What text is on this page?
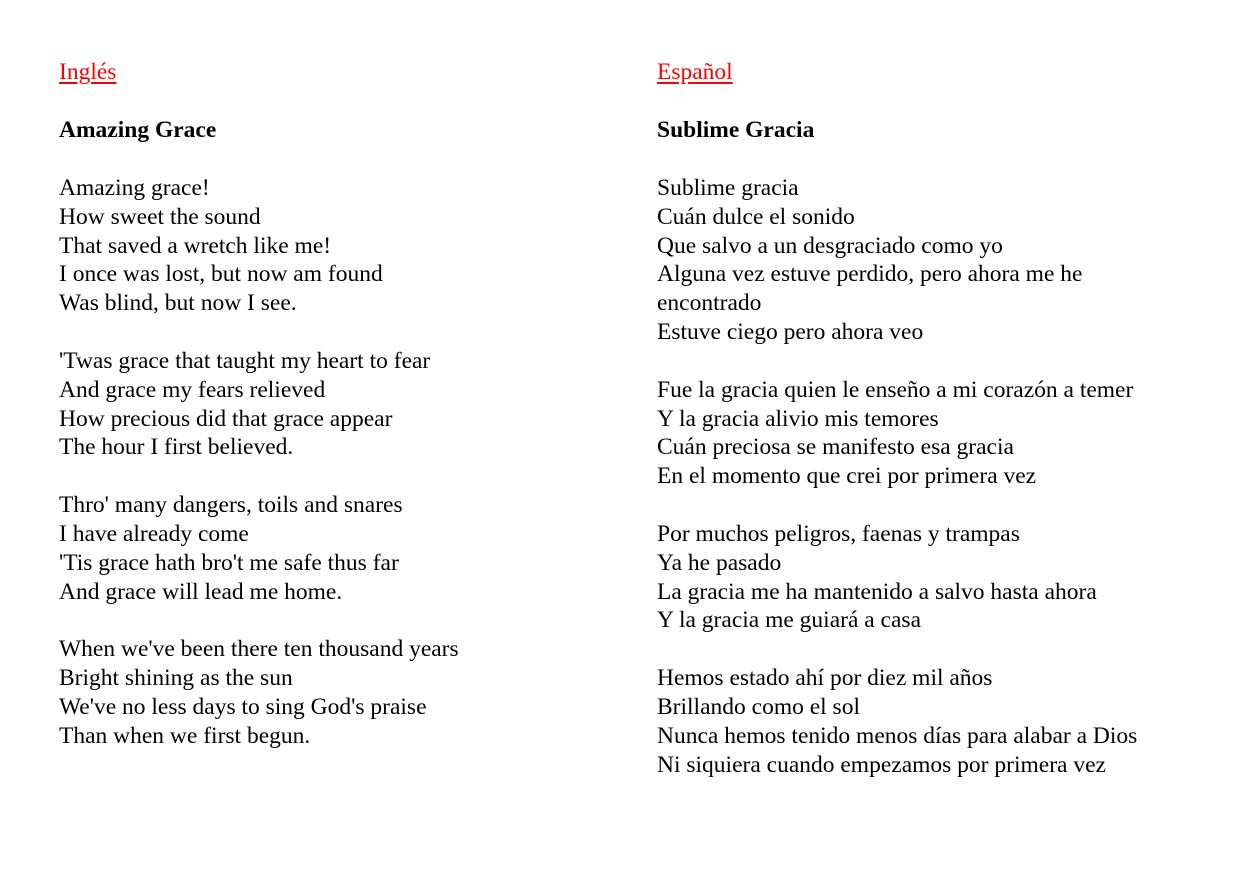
Inglés
Amazing Grace
Amazing grace!
How sweet the sound
That saved a wretch like me!
I once was lost, but now am found
Was blind, but now I see.
'Twas grace that taught my heart to fear
And grace my fears relieved
How precious did that grace appear
The hour I first believed.
Thro' many dangers, toils and snares
I have already come
'Tis grace hath bro't me safe thus far
And grace will lead me home.
When we've been there ten thousand years
Bright shining as the sun
We've no less days to sing God's praise
Than when we first begun.
Español
Sublime Gracia
Sublime gracia
Cuán dulce el sonido
Que salvo a un desgraciado como yo
Alguna vez estuve perdido, pero ahora me he encontrado
Estuve ciego pero ahora veo
Fue la gracia quien le enseño a mi corazón a temer
Y la gracia alivio mis temores
Cuán preciosa se manifesto esa gracia
En el momento que crei por primera vez
Por muchos peligros, faenas y trampas
Ya he pasado
La gracia me ha mantenido a salvo hasta ahora
Y la gracia me guiará a casa
Hemos estado ahí por diez mil años
Brillando como el sol
Nunca hemos tenido menos días para alabar a Dios
Ni siquiera cuando empezamos por primera vez
